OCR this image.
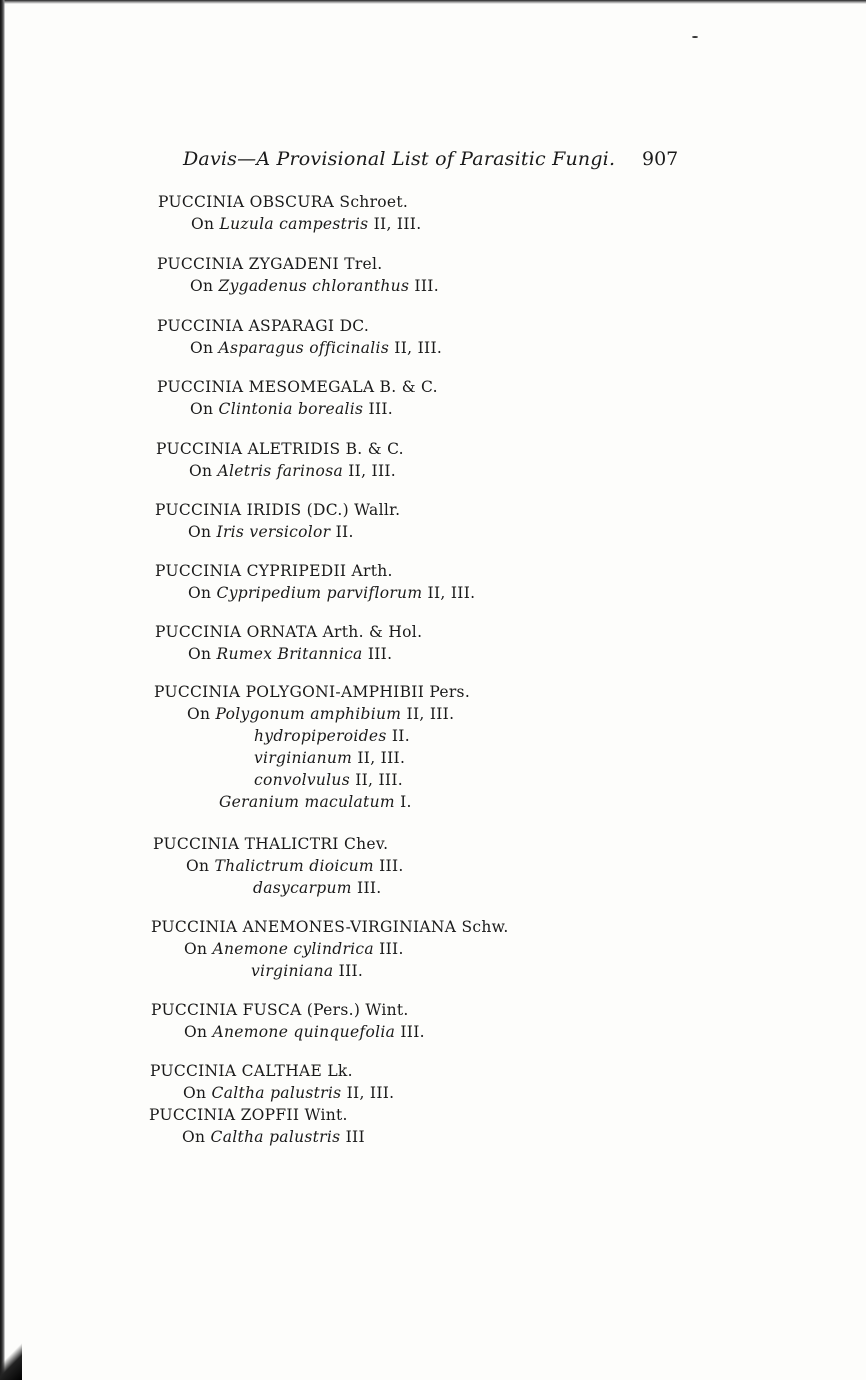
Davis—A Provisional List of Parasitic Fungi. 907
PUCCINIA OBSCURA Schroet.
On Luzula campestris II, III.
PUCCINIA ZYGADENI Trel.
On Zygadenus chloranthus III.
PUCCINIA ASPARAGI DC.
On Asparagus officinalis II, III.
PUCCINIA MESOMEGALA B. & C.
On Clintonia borealis III.
PUCCINIA ALETRIDIS B. & C.
On Aletris farinosa II, III.
PUCCINIA IRIDIS (DC.) Wallr.
On Iris versicolor II.
PUCCINIA CYPRIPEDII Arth.
On Cypripedium parviflorum II, III.
PUCCINIA ORNATA Arth. & Hol.
On Rumex Britannica III.
PUCCINIA POLYGONI-AMPHIBII Pers.
On Polygonum amphibium II, III.
hydropiperoides II.
virginianum II, III.
convolvulus II, III.
Geranium maculatum I.
PUCCINIA THALICTRI Chev.
On Thalictrum dioicum III.
dasycarpum III.
PUCCINIA ANEMONES-VIRGINIANA Schw.
On Anemone cylindrica III.
virginiana III.
PUCCINIA FUSCA (Pers.) Wint.
On Anemone quinquefolia III.
PUCCINIA CALTHAE Lk.
On Caltha palustris II, III.
PUCCINIA ZOPFII Wint.
On Caltha palustris III
